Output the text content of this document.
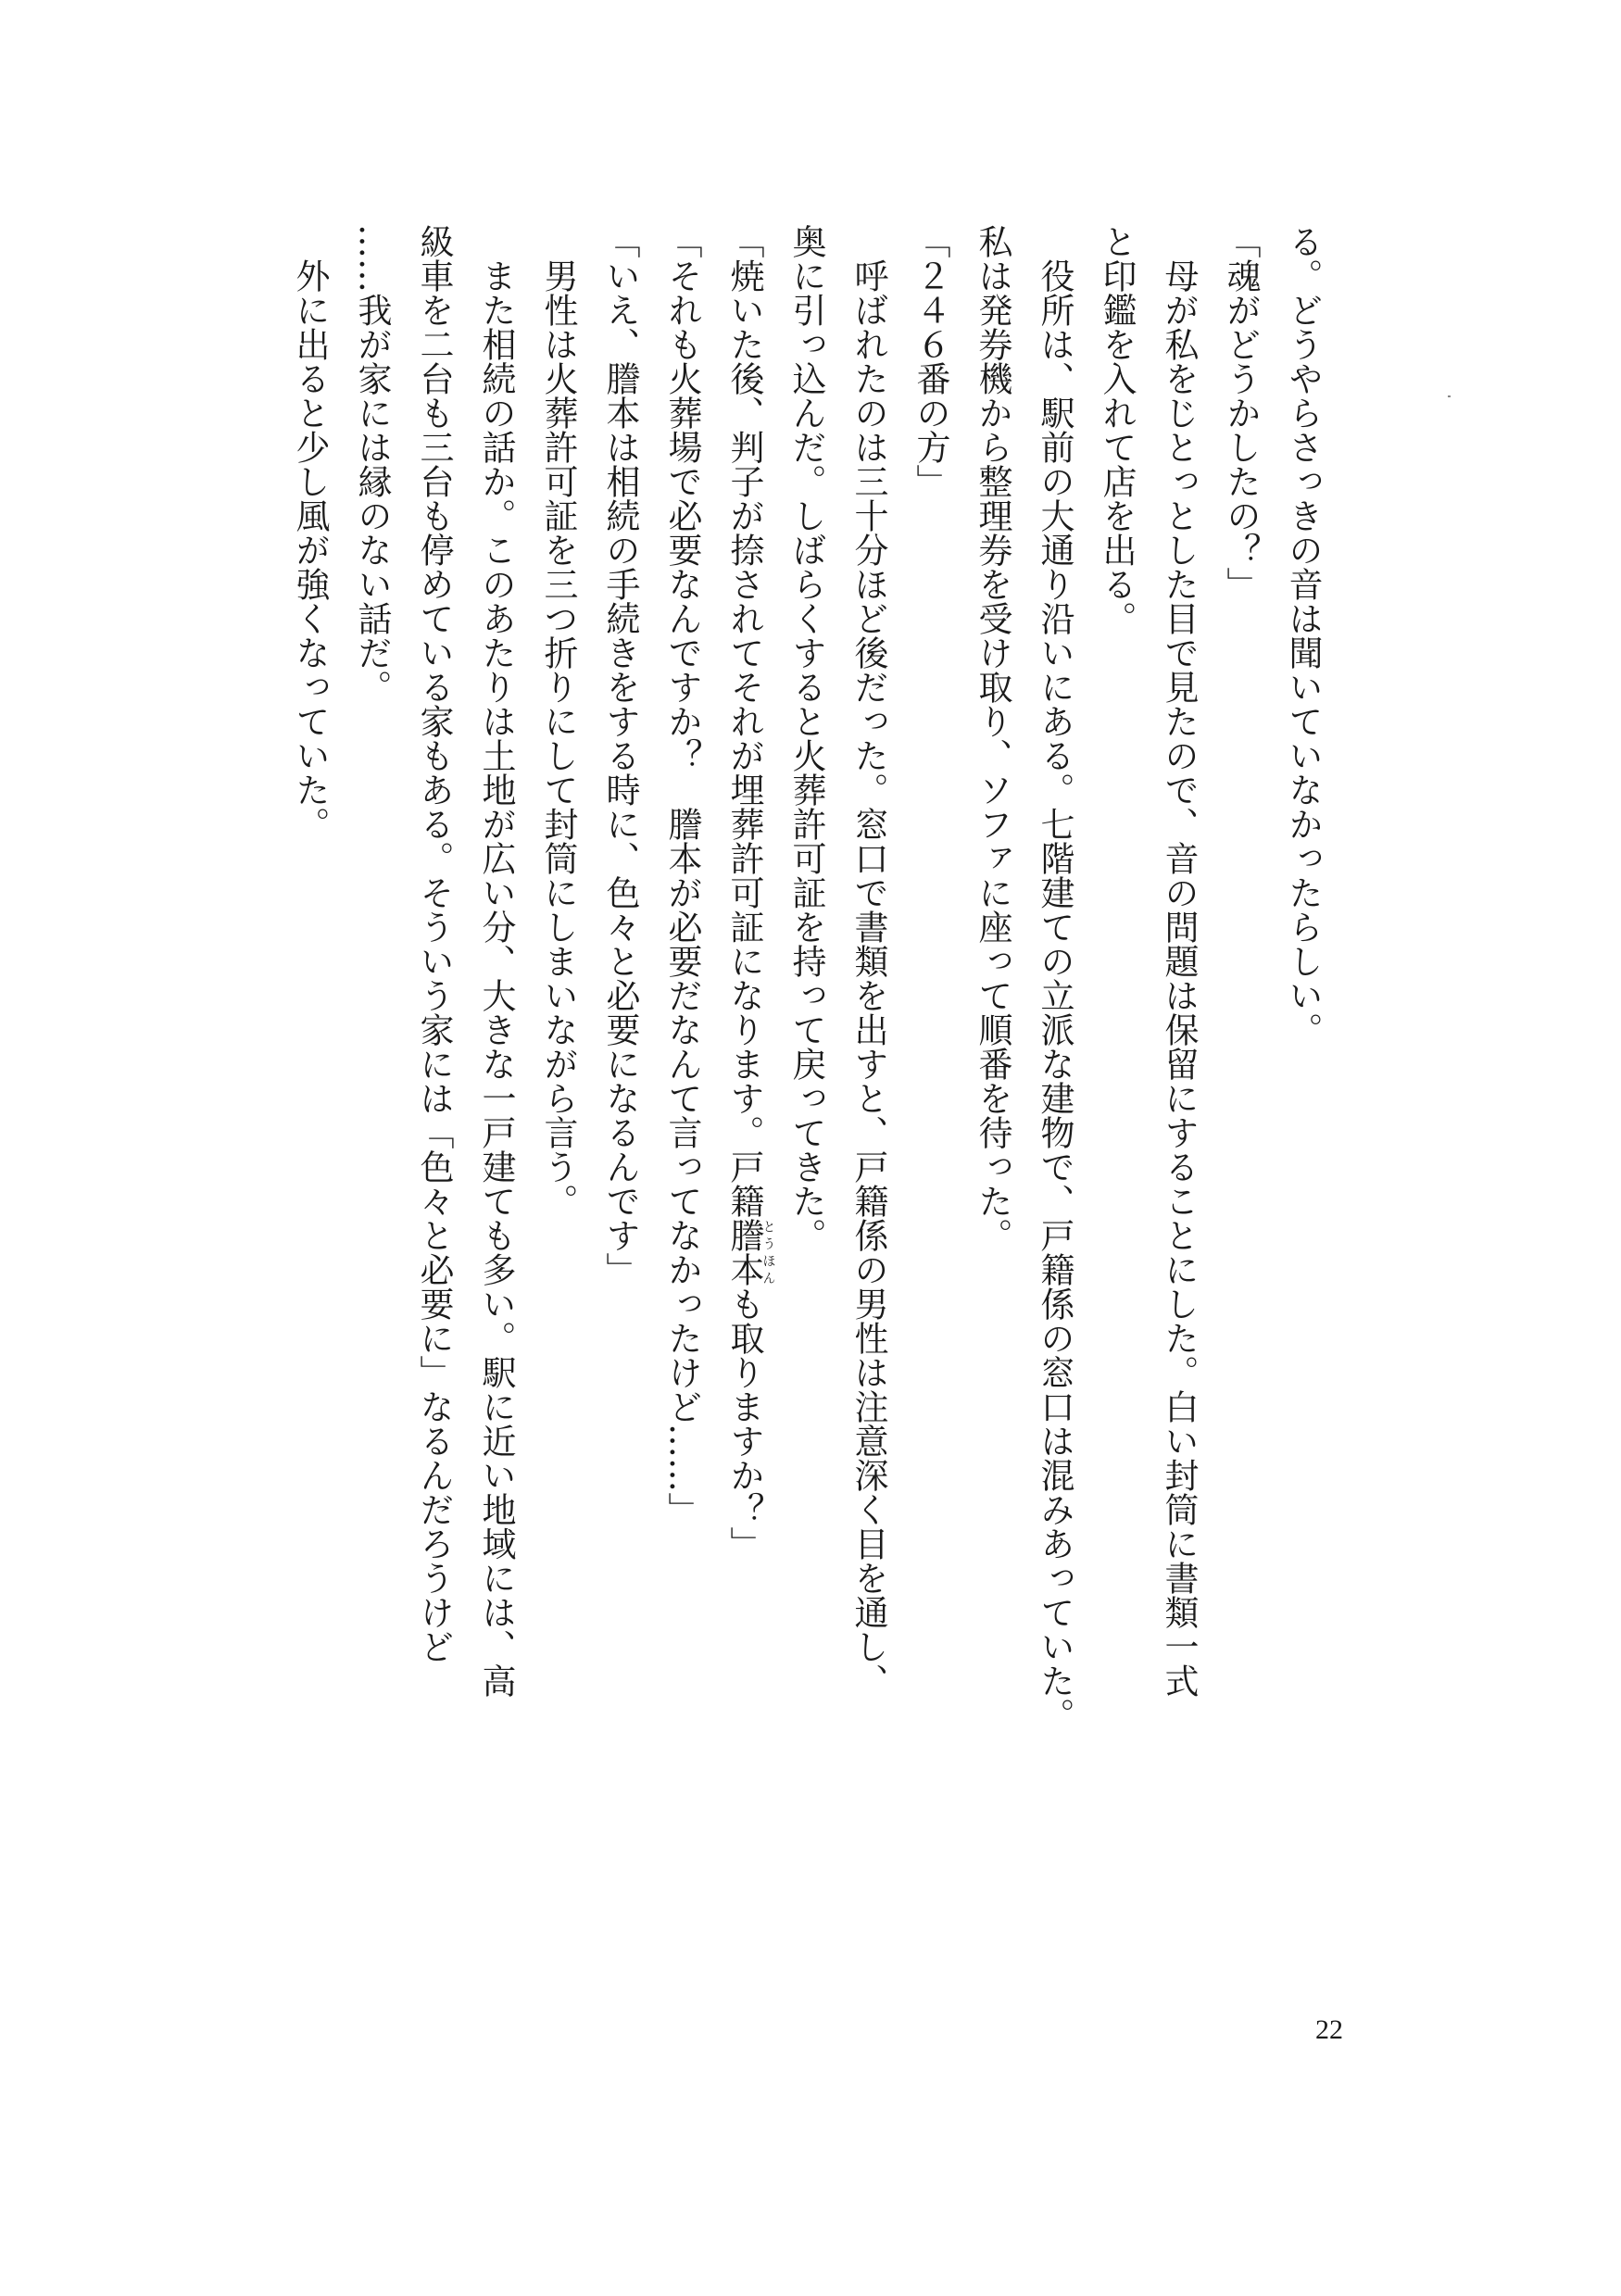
る。どうやらさっきの音は聞いていなかったらしい。
「魂がどうかしたの？」
　母が私をじとっとした目で見たので、音の問題は保留にすることにした。白い封筒に書類一式
と印鑑を入れて店を出る。
　役所は、駅前の大通り沿いにある。七階建ての立派な建物で、戸籍係の窓口は混みあっていた。
私は発券機から整理券を受け取り、ソファに座って順番を待った。
「２４６番の方」
　呼ばれたのは三十分ほど後だった。窓口で書類を出すと、戸籍係の男性は注意深く目を通し、
奥に引っ込んだ。しばらくすると火葬許可証を持って戻ってきた。
「焼いた後、判子が捺されてそれが埋葬許可証になります。戸籍謄本とうほんも取りますか？」
「それも火葬場で必要なんですか？　謄本が必要だなんて言ってなかったけど……」
「いえ、謄本は相続の手続きをする時に、色々と必要になるんです」
　男性は火葬許可証を三つ折りにして封筒にしまいながら言う。
　また相続の話か。このあたりは土地が広い分、大きな一戸建ても多い。駅に近い地域には、高
級車を二台も三台も停めている家もある。そういう家には「色々と必要に」なるんだろうけど
……我が家には縁のない話だ。
　外に出ると少し風が強くなっていた。
22
